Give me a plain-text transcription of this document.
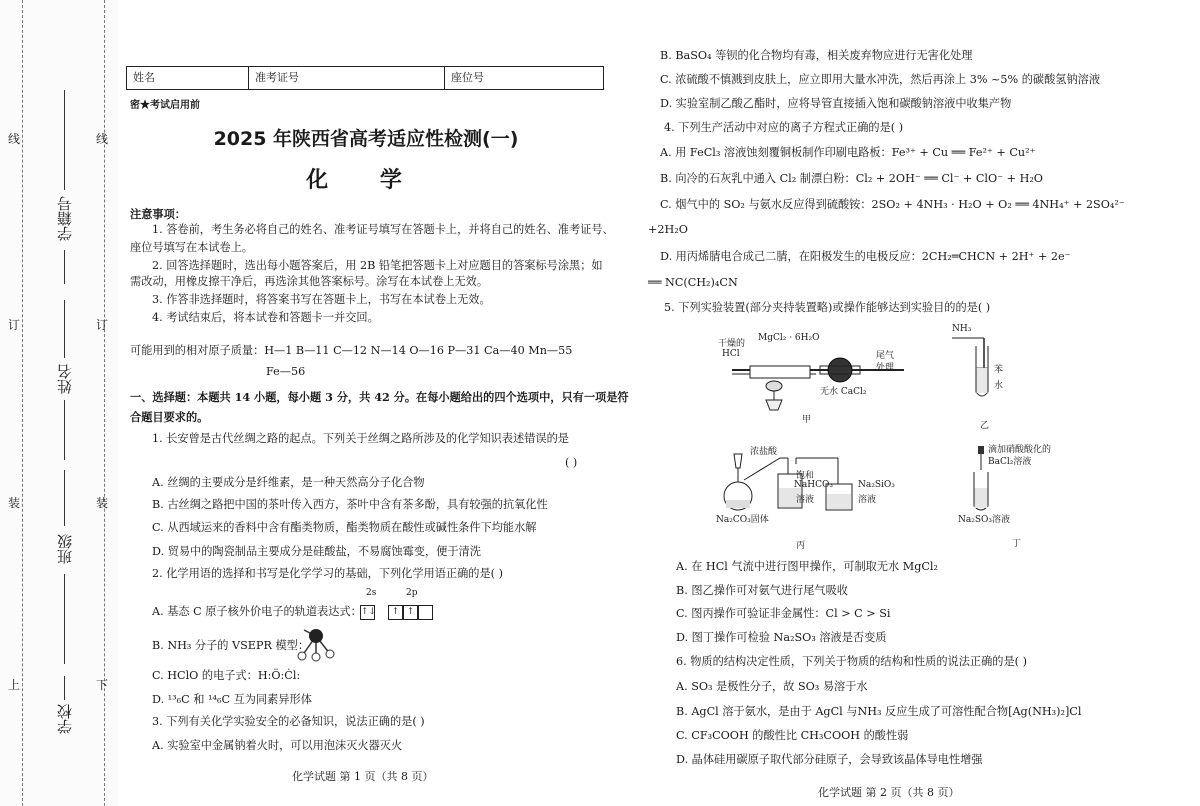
线	线
订	订
装	装
上	下
学籍号
姓名
班级
学校
姓名	准考证号	座位号
密★考试启用前
2025 年陕西省高考适应性检测(一)
化 学
注意事项：
1. 答卷前，考生务必将自己的姓名、准考证号填写在答题卡上，并将自己的姓名、准考证号、
座位号填写在本试卷上。
2. 回答选择题时，选出每小题答案后，用 2B 铅笔把答题卡上对应题目的答案标号涂黑；如
需改动，用橡皮擦干净后，再选涂其他答案标号。涂写在本试卷上无效。
3. 作答非选择题时，将答案书写在答题卡上，书写在本试卷上无效。
4. 考试结束后，将本试卷和答题卡一并交回。
可能用到的相对原子质量：H—1 B—11 C—12 N—14 O—16 P—31 Ca—40 Mn—55
Fe—56
一、选择题：本题共 14 小题，每小题 3 分，共 42 分。在每小题给出的四个选项中，只有一项是符
合题目要求的。
1. 长安曾是古代丝绸之路的起点。下列关于丝绸之路所涉及的化学知识表述错误的是
( )
A. 丝绸的主要成分是纤维素，是一种天然高分子化合物
B. 古丝绸之路把中国的茶叶传入西方，茶叶中含有茶多酚，具有较强的抗氧化性
C. 从西域运来的香料中含有酯类物质，酯类物质在酸性或碱性条件下均能水解
D. 贸易中的陶瓷制品主要成分是硅酸盐，不易腐蚀霉变，便于清洗
2. 化学用语的选择和书写是化学学习的基础，下列化学用语正确的是( )
A. 基态 C 原子核外价电子的轨道表达式：
2s	2p
↑↓	↑ ↑
B. NH₃ 分子的 VSEPR 模型：
C. HClO 的电子式：H:Ö:Ċl:
D. ¹³₆C 和 ¹⁴₆C 互为同素异形体
3. 下列有关化学实验安全的必备知识，说法正确的是( )
A. 实验室中金属钠着火时，可以用泡沫灭火器灭火
化学试题 第 1 页（共 8 页）
B. BaSO₄ 等钡的化合物均有毒，相关废弃物应进行无害化处理
C. 浓硫酸不慎溅到皮肤上，应立即用大量水冲洗，然后再涂上 3% ~5% 的碳酸氢钠溶液
D. 实验室制乙酸乙酯时，应将导管直接插入饱和碳酸钠溶液中收集产物
4. 下列生产活动中对应的离子方程式正确的是( )
A. 用 FeCl₃ 溶液蚀刻覆铜板制作印刷电路板：Fe³⁺ + Cu ══ Fe²⁺ + Cu²⁺
B. 向冷的石灰乳中通入 Cl₂ 制漂白粉：Cl₂ + 2OH⁻ ══ Cl⁻ + ClO⁻ + H₂O
C. 烟气中的 SO₂ 与氨水反应得到硫酸铵：2SO₂ + 4NH₃ · H₂O + O₂ ══ 4NH₄⁺ + 2SO₄²⁻
+2H₂O
D. 用丙烯腈电合成己二腈，在阳极发生的电极反应：2CH₂═CHCN + 2H⁺ + 2e⁻
══ NC(CH₂)₄CN
5. 下列实验装置(部分夹持装置略)或操作能够达到实验目的的是( )
干燥的
HCl
MgCl₂ · 6H₂O
尾气
处理
无水 CaCl₂
甲
NH₃
苯
水
乙
浓盐酸
饱和
NaHCO₃
溶液
Na₂SiO₃
溶液
Na₂CO₃固体
丙
滴加硝酸酸化的
BaCl₂溶液
Na₂SO₃溶液
丁
A. 在 HCl 气流中进行图甲操作，可制取无水 MgCl₂
B. 图乙操作可对氨气进行尾气吸收
C. 图丙操作可验证非金属性：Cl > C > Si
D. 图丁操作可检验 Na₂SO₃ 溶液是否变质
6. 物质的结构决定性质，下列关于物质的结构和性质的说法正确的是( )
A. SO₃ 是极性分子，故 SO₃ 易溶于水
B. AgCl 溶于氨水，是由于 AgCl 与NH₃ 反应生成了可溶性配合物[Ag(NH₃)₂]Cl
C. CF₃COOH 的酸性比 CH₃COOH 的酸性弱
D. 晶体硅用碳原子取代部分硅原子，会导致该晶体导电性增强
化学试题 第 2 页（共 8 页）
